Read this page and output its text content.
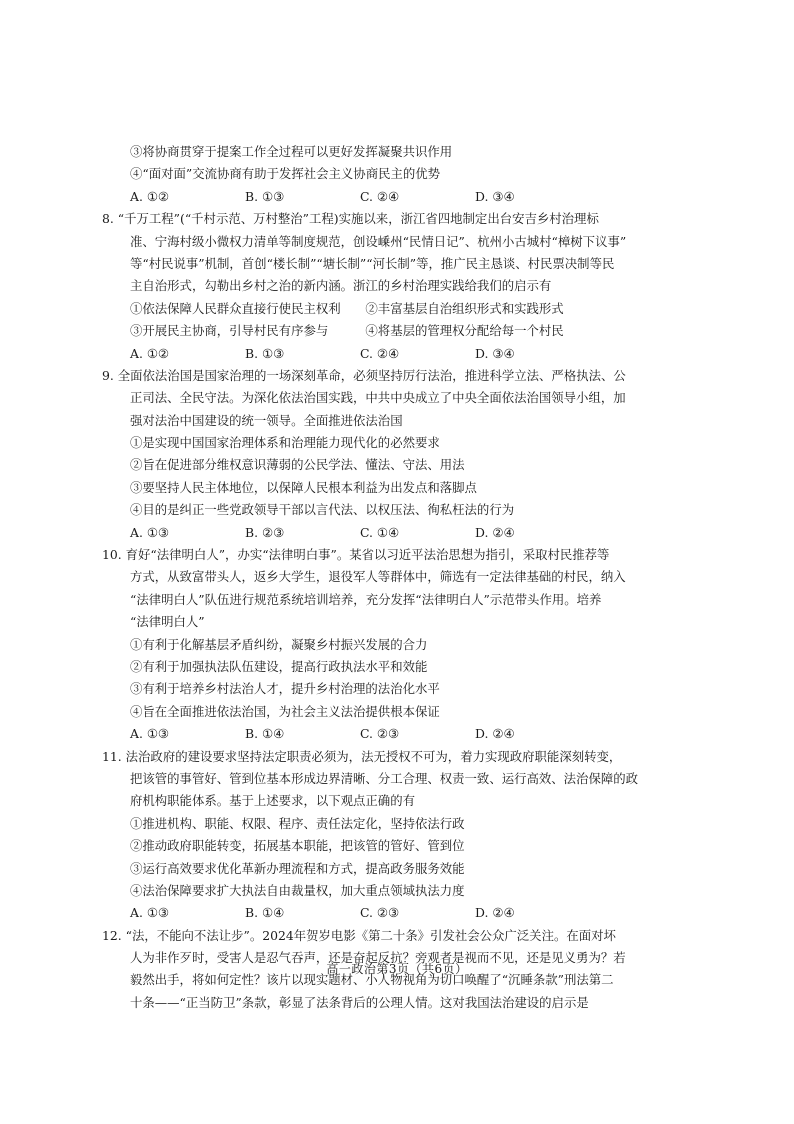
③将协商贯穿于提案工作全过程可以更好发挥凝聚共识作用
④“面对面”交流协商有助于发挥社会主义协商民主的优势
A. ①②	B. ①③	C. ②④	D. ③④
8. “千万工程”(“千村示范、万村整治”工程)实施以来，浙江省四地制定出台安吉乡村治理标
准、宁海村级小微权力清单等制度规范，创设嵊州“民情日记”、杭州小古城村“樟树下议事”
等“村民说事”机制，首创“楼长制”“塘长制”“河长制”等，推广民主恳谈、村民票决制等民
主自治形式，勾勒出乡村之治的新内涵。浙江的乡村治理实践给我们的启示有
①依法保障人民群众直接行使民主权利　　②丰富基层自治组织形式和实践形式
③开展民主协商，引导村民有序参与　　　④将基层的管理权分配给每一个村民
A. ①②	B. ①③	C. ②④	D. ③④
9. 全面依法治国是国家治理的一场深刻革命，必须坚持厉行法治，推进科学立法、严格执法、公
正司法、全民守法。为深化依法治国实践，中共中央成立了中央全面依法治国领导小组，加
强对法治中国建设的统一领导。全面推进依法治国
①是实现中国国家治理体系和治理能力现代化的必然要求
②旨在促进部分维权意识薄弱的公民学法、懂法、守法、用法
③要坚持人民主体地位，以保障人民根本利益为出发点和落脚点
④目的是纠正一些党政领导干部以言代法、以权压法、徇私枉法的行为
A. ①③	B. ②③	C. ①④	D. ②④
10. 育好“法律明白人”，办实“法律明白事”。某省以习近平法治思想为指引，采取村民推荐等
方式，从致富带头人，返乡大学生，退役军人等群体中，筛选有一定法律基础的村民，纳入
“法律明白人”队伍进行规范系统培训培养，充分发挥“法律明白人”示范带头作用。培养
“法律明白人”
①有利于化解基层矛盾纠纷，凝聚乡村振兴发展的合力
②有利于加强执法队伍建设，提高行政执法水平和效能
③有利于培养乡村法治人才，提升乡村治理的法治化水平
④旨在全面推进依法治国，为社会主义法治提供根本保证
A. ①③	B. ①④	C. ②③	D. ②④
11. 法治政府的建设要求坚持法定职责必须为，法无授权不可为，着力实现政府职能深刻转变，
把该管的事管好、管到位基本形成边界清晰、分工合理、权责一致、运行高效、法治保障的政
府机构职能体系。基于上述要求，以下观点正确的有
①推进机构、职能、权限、程序、责任法定化，坚持依法行政
②推动政府职能转变，拓展基本职能，把该管的管好、管到位
③运行高效要求优化革新办理流程和方式，提高政务服务效能
④法治保障要求扩大执法自由裁量权，加大重点领域执法力度
A. ①③	B. ①④	C. ②③	D. ②④
12. “法，不能向不法让步”。2024年贺岁电影《第二十条》引发社会公众广泛关注。在面对坏
人为非作歹时，受害人是忍气吞声，还是奋起反抗？旁观者是视而不见，还是见义勇为？若
毅然出手，将如何定性？该片以现实题材、小人物视角为切口唤醒了“沉睡条款”刑法第二
十条——“正当防卫”条款，彰显了法条背后的公理人情。这对我国法治建设的启示是
高一政治第3页（共6页）
